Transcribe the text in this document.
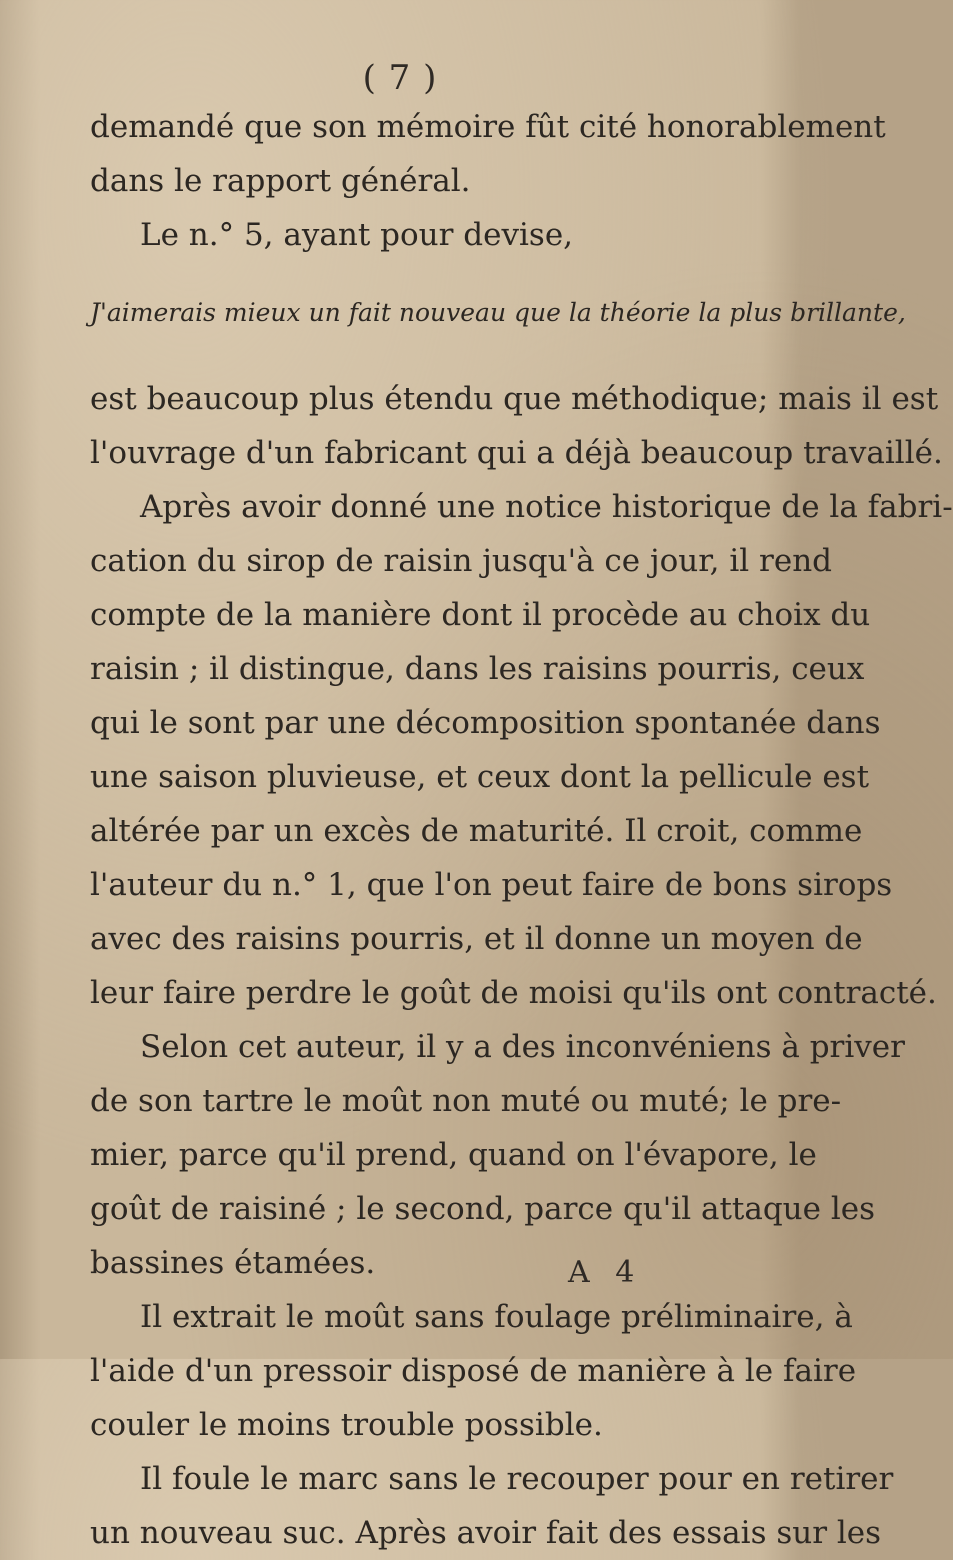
( 7 )
demandé que son mémoire fût cité honorablement
dans le rapport général.
Le n.° 5, ayant pour devise,
J'aimerais mieux un fait nouveau que la théorie la plus brillante,
est beaucoup plus étendu que méthodique; mais il est
l'ouvrage d'un fabricant qui a déjà beaucoup travaillé.
Après avoir donné une notice historique de la fabri-
cation du sirop de raisin jusqu'à ce jour, il rend
compte de la manière dont il procède au choix du
raisin ; il distingue, dans les raisins pourris, ceux
qui le sont par une décomposition spontanée dans
une saison pluvieuse, et ceux dont la pellicule est
altérée par un excès de maturité. Il croit, comme
l'auteur du n.° 1, que l'on peut faire de bons sirops
avec des raisins pourris, et il donne un moyen de
leur faire perdre le goût de moisi qu'ils ont contracté.
Selon cet auteur, il y a des inconvéniens à priver
de son tartre le moût non muté ou muté; le pre-
mier, parce qu'il prend, quand on l'évapore, le
goût de raisiné ; le second, parce qu'il attaque les
bassines étamées.
Il extrait le moût sans foulage préliminaire, à
l'aide d'un pressoir disposé de manière à le faire
couler le moins trouble possible.
Il foule le marc sans le recouper pour en retirer
un nouveau suc. Après avoir fait des essais sur les
A 4
